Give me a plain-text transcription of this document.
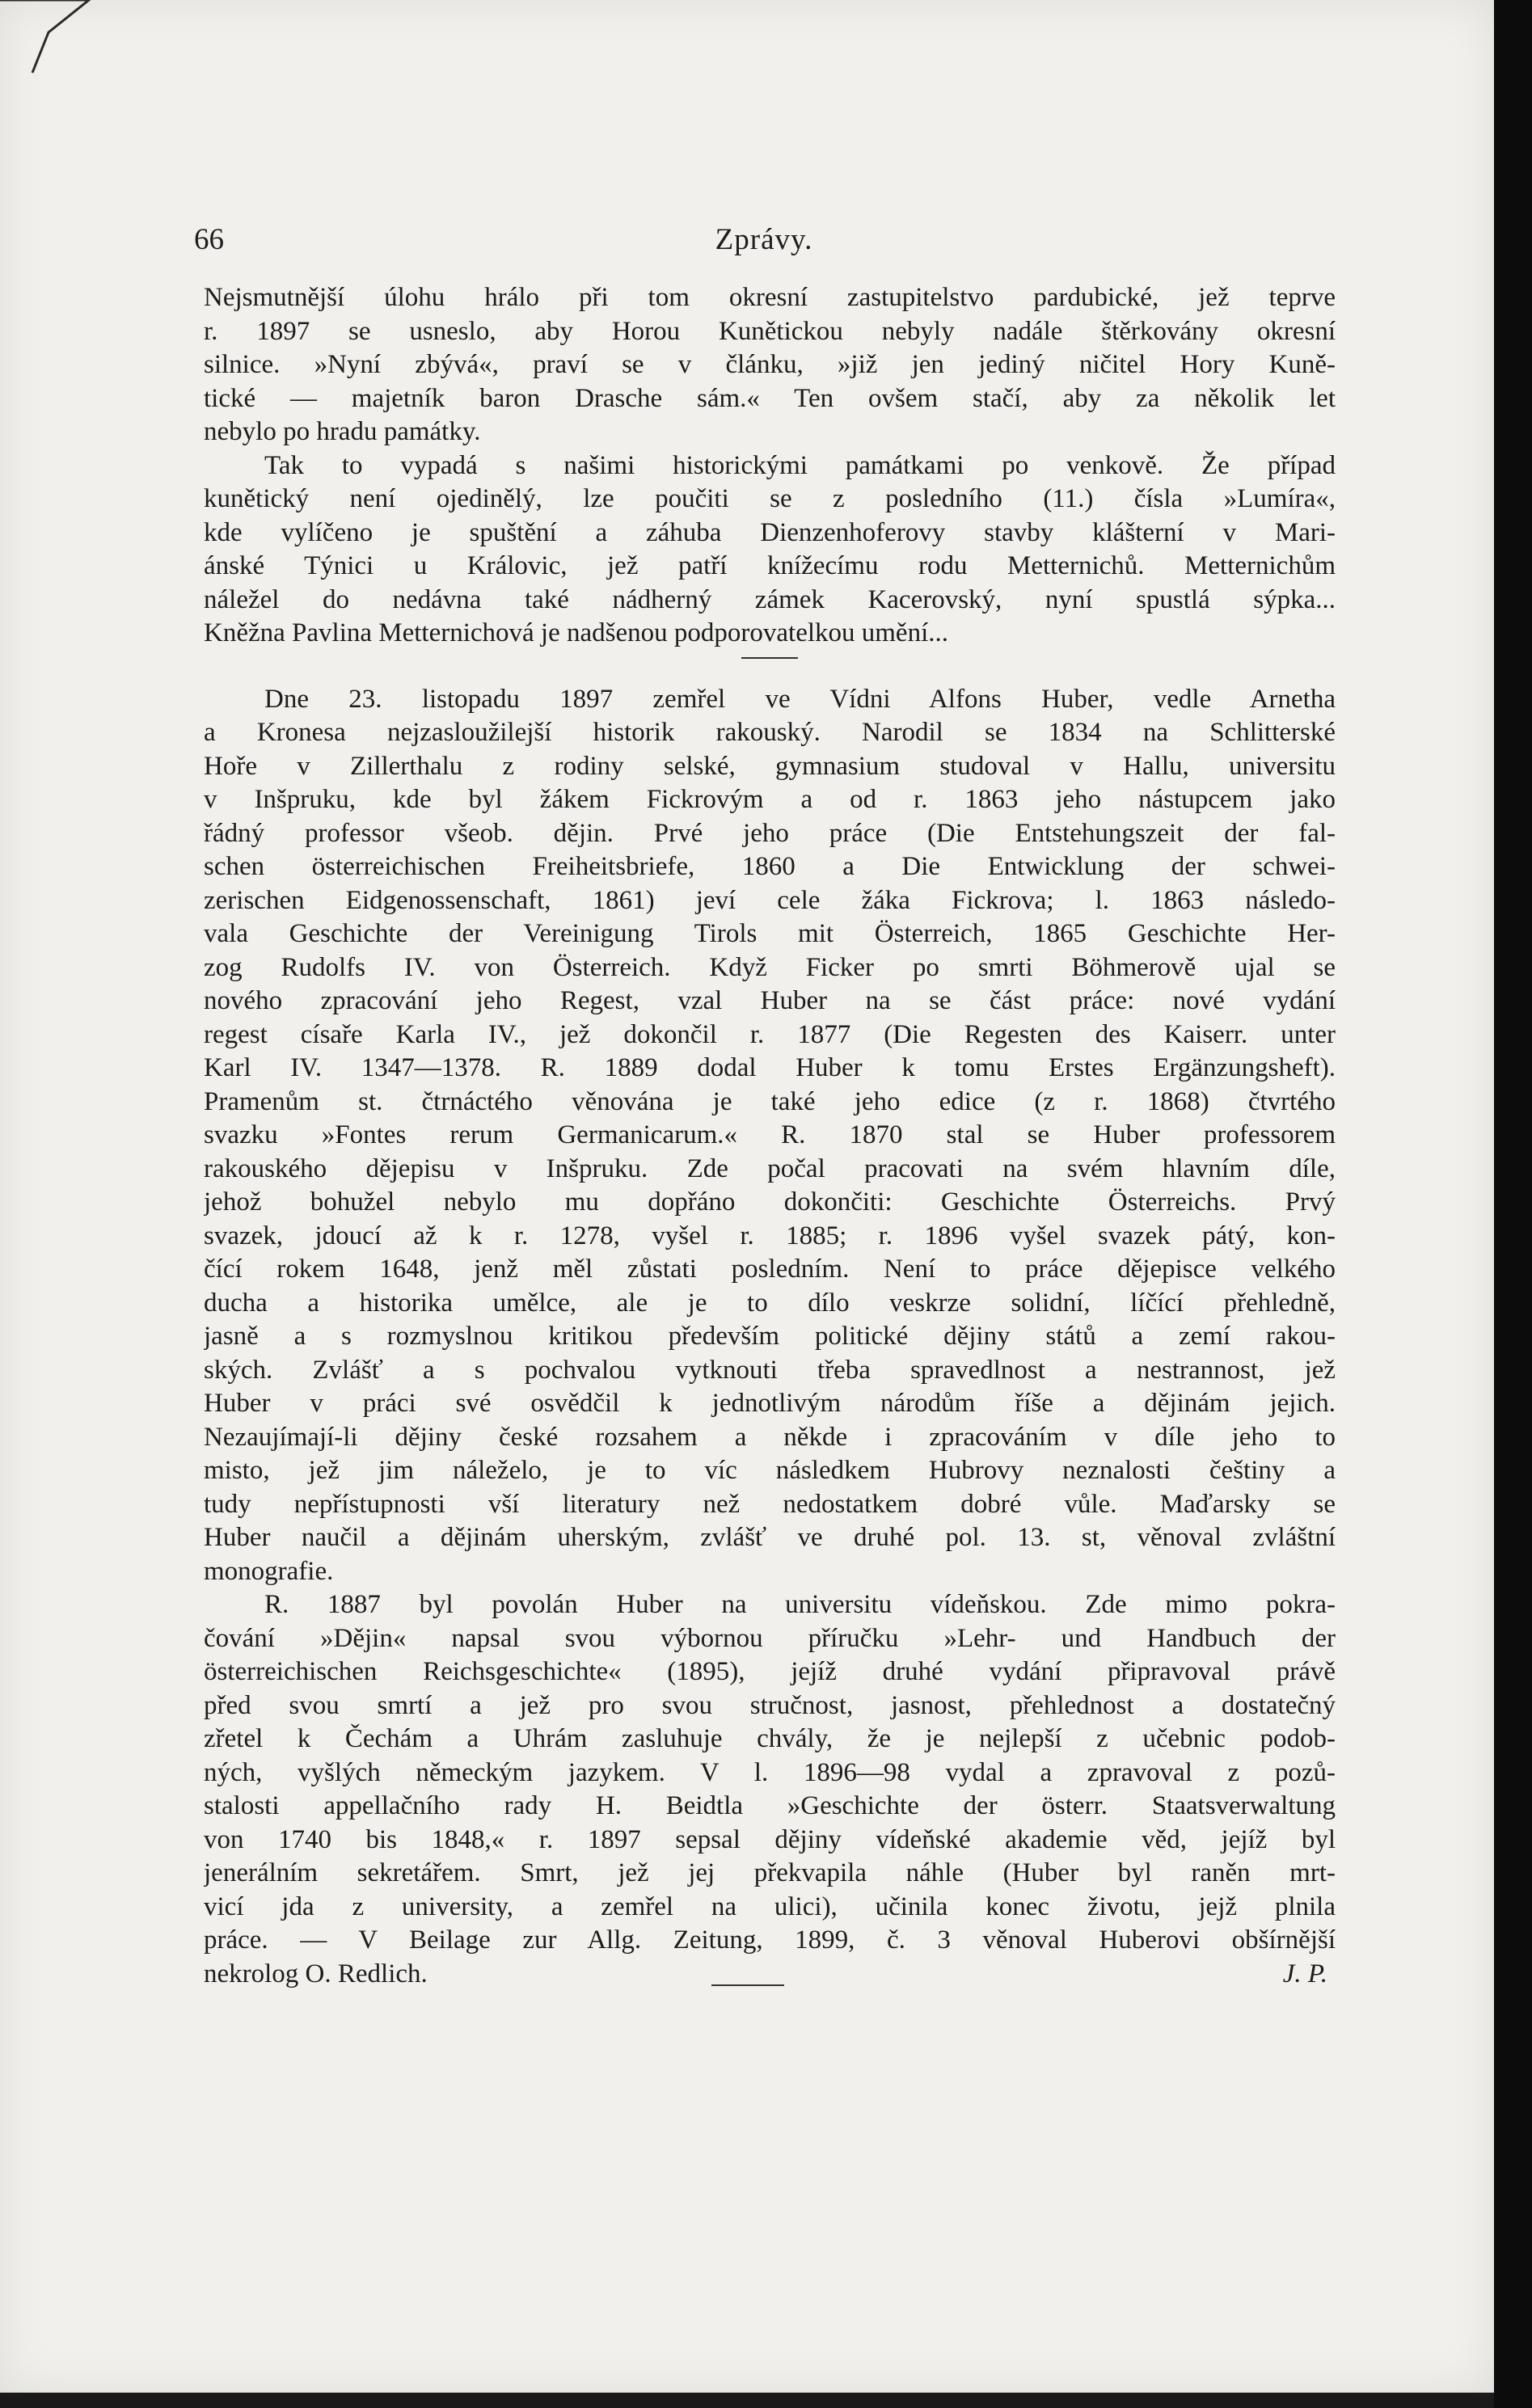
66	Zprávy.
Nejsmutnější úlohu hrálo při tom okresní zastupitelstvo pardubické, jež teprve
r. 1897 se usneslo, aby Horou Kunětickou nebyly nadále štěrkovány okresní
silnice. »Nyní zbývá«, praví se v článku, »již jen jediný ničitel Hory Kuně-
tické — majetník baron Drasche sám.« Ten ovšem stačí, aby za několik let
nebylo po hradu památky.
Tak to vypadá s našimi historickými památkami po venkově. Že případ
kunětický není ojedinělý, lze poučiti se z posledního (11.) čísla »Lumíra«,
kde vylíčeno je spuštění a záhuba Dienzenhoferovy stavby klášterní v Mari-
ánské Týnici u Královic, jež patří knížecímu rodu Metternichů. Metternichům
náležel do nedávna také nádherný zámek Kacerovský, nyní spustlá sýpka...
Kněžna Pavlina Metternichová je nadšenou podporovatelkou umění...
Dne 23. listopadu 1897 zemřel ve Vídni Alfons Huber, vedle Arnetha
a Kronesa nejzasloužilejší historik rakouský. Narodil se 1834 na Schlitterské
Hoře v Zillerthalu z rodiny selské, gymnasium studoval v Hallu, universitu
v Inšpruku, kde byl žákem Fickrovým a od r. 1863 jeho nástupcem jako
řádný professor všeob. dějin. Prvé jeho práce (Die Entstehungszeit der fal-
schen österreichischen Freiheitsbriefe, 1860 a Die Entwicklung der schwei-
zerischen Eidgenossenschaft, 1861) jeví cele žáka Fickrova; l. 1863 následo-
vala Geschichte der Vereinigung Tirols mit Österreich, 1865 Geschichte Her-
zog Rudolfs IV. von Österreich. Když Ficker po smrti Böhmerově ujal se
nového zpracování jeho Regest, vzal Huber na se část práce: nové vydání
regest císaře Karla IV., jež dokončil r. 1877 (Die Regesten des Kaiserr. unter
Karl IV. 1347—1378. R. 1889 dodal Huber k tomu Erstes Ergänzungsheft).
Pramenům st. čtrnáctého věnována je také jeho edice (z r. 1868) čtvrtého
svazku »Fontes rerum Germanicarum.« R. 1870 stal se Huber professorem
rakouského dějepisu v Inšpruku. Zde počal pracovati na svém hlavním díle,
jehož bohužel nebylo mu dopřáno dokončiti: Geschichte Österreichs. Prvý
svazek, jdoucí až k r. 1278, vyšel r. 1885; r. 1896 vyšel svazek pátý, kon-
čící rokem 1648, jenž měl zůstati posledním. Není to práce dějepisce velkého
ducha a historika umělce, ale je to dílo veskrze solidní, líčící přehledně,
jasně a s rozmyslnou kritikou především politické dějiny států a zemí rakou-
ských. Zvlášť a s pochvalou vytknouti třeba spravedlnost a nestrannost, jež
Huber v práci své osvědčil k jednotlivým národům říše a dějinám jejich.
Nezaujímají-li dějiny české rozsahem a někde i zpracováním v díle jeho to
misto, jež jim náleželo, je to víc následkem Hubrovy neznalosti češtiny a
tudy nepřístupnosti vší literatury než nedostatkem dobré vůle. Maďarsky se
Huber naučil a dějinám uherským, zvlášť ve druhé pol. 13. st, věnoval zvláštní
monografie.
R. 1887 byl povolán Huber na universitu vídeňskou. Zde mimo pokra-
čování »Dějin« napsal svou výbornou příručku »Lehr- und Handbuch der
österreichischen Reichsgeschichte« (1895), jejíž druhé vydání připravoval právě
před svou smrtí a jež pro svou stručnost, jasnost, přehlednost a dostatečný
zřetel k Čechám a Uhrám zasluhuje chvály, že je nejlepší z učebnic podob-
ných, vyšlých německým jazykem. V l. 1896—98 vydal a zpravoval z pozů-
stalosti appellačního rady H. Beidtla »Geschichte der österr. Staatsverwaltung
von 1740 bis 1848,« r. 1897 sepsal dějiny vídeňské akademie věd, jejíž byl
jenerálním sekretářem. Smrt, jež jej překvapila náhle (Huber byl raněn mrt-
vicí jda z university, a zemřel na ulici), učinila konec životu, jejž plnila
práce. — V Beilage zur Allg. Zeitung, 1899, č. 3 věnoval Huberovi obšírnější
nekrolog O. Redlich.	J. P.
